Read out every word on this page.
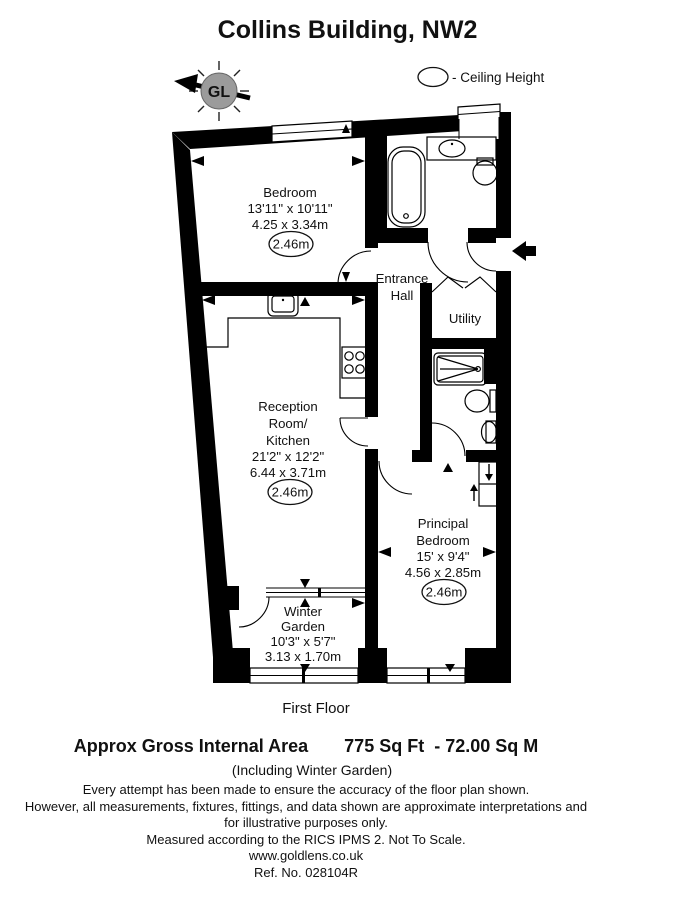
Collins Building, NW2
GL
- Ceiling Height
Bedroom
13'11" x 10'11"
4.25 x 3.34m
2.46m
Entrance
Hall
Utility
Reception
Room/
Kitchen
21'2" x 12'2"
6.44 x 3.71m
2.46m
Principal
Bedroom
15' x 9'4"
4.56 x 2.85m
2.46m
Winter
Garden
10'3" x 5'7"
3.13 x 1.70m
First Floor
Approx Gross Internal Area 775 Sq Ft  - 72.00 Sq M
(Including Winter Garden)
Every attempt has been made to ensure the accuracy of the floor plan shown.
However, all measurements, fixtures, fittings, and data shown are approximate interpretations and
for illustrative purposes only.
Measured according to the RICS IPMS 2. Not To Scale.
www.goldlens.co.uk
Ref. No. 028104R
